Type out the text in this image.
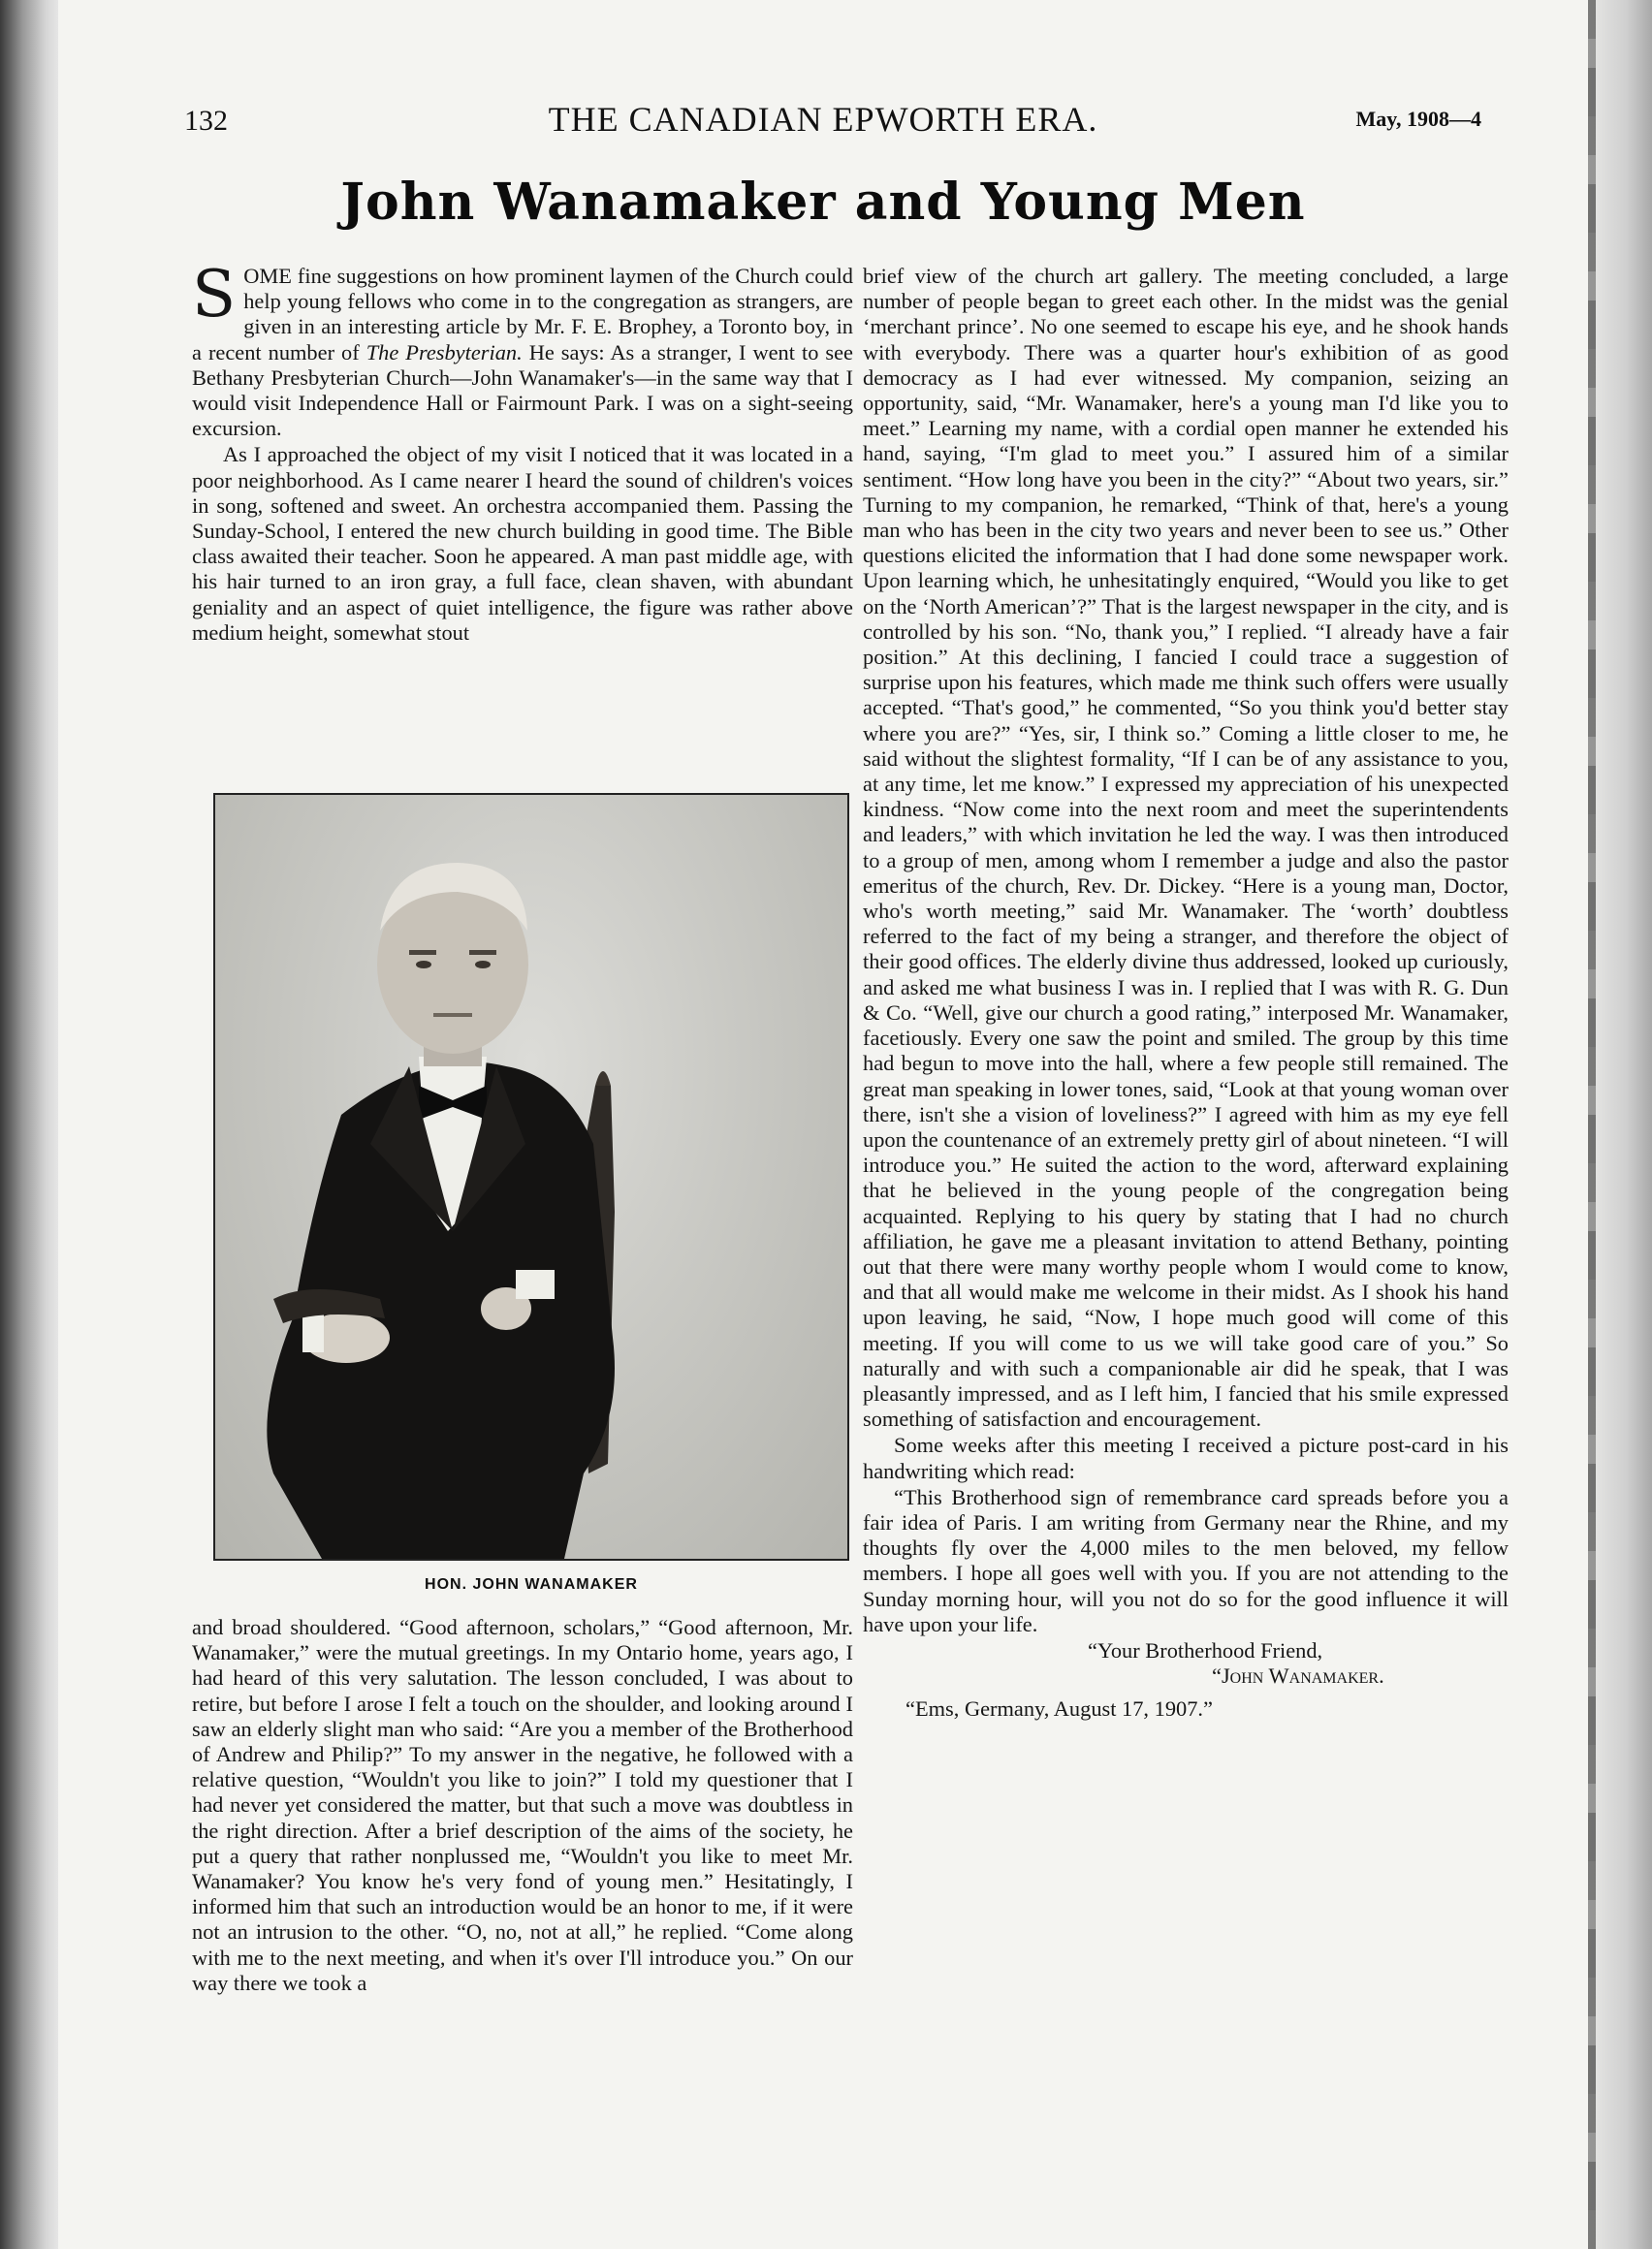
132	THE CANADIAN EPWORTH ERA.	May, 1908—4
John Wanamaker and Young Men

SOME fine suggestions on how prominent laymen of the Church could help young fellows who come in to the congregation as strangers, are given in an interesting article by Mr. F. E. Brophey, a Toronto boy, in a recent number of The Presbyterian. He says: As a stranger, I went to see Bethany Presbyterian Church—John Wanamaker's—in the same way that I would visit Independence Hall or Fairmount Park. I was on a sight-seeing excursion.

As I approached the object of my visit I noticed that it was located in a poor neighborhood. As I came nearer I heard the sound of children's voices in song, softened and sweet. An orchestra accompanied them. Passing the Sunday-School, I entered the new church building in good time. The Bible class awaited their teacher. Soon he appeared. A man past middle age, with his hair turned to an iron gray, a full face, clean shaven, with abundant geniality and an aspect of quiet intelligence, the figure was rather above medium height, somewhat stout

HON. JOHN WANAMAKER

and broad shouldered. “Good afternoon, scholars,” “Good afternoon, Mr. Wanamaker,” were the mutual greetings. In my Ontario home, years ago, I had heard of this very salutation. The lesson concluded, I was about to retire, but before I arose I felt a touch on the shoulder, and looking around I saw an elderly slight man who said: “Are you a member of the Brotherhood of Andrew and Philip?” To my answer in the negative, he followed with a relative question, “Wouldn't you like to join?” I told my questioner that I had never yet considered the matter, but that such a move was doubtless in the right direction. After a brief description of the aims of the society, he put a query that rather nonplussed me, “Wouldn't you like to meet Mr. Wanamaker? You know he's very fond of young men.” Hesitatingly, I informed him that such an introduction would be an honor to me, if it were not an intrusion to the other. “O, no, not at all,” he replied. “Come along with me to the next meeting, and when it's over I'll introduce you.” On our way there we took a

brief view of the church art gallery. The meeting concluded, a large number of people began to greet each other. In the midst was the genial ‘merchant prince’. No one seemed to escape his eye, and he shook hands with everybody. There was a quarter hour's exhibition of as good democracy as I had ever witnessed. My companion, seizing an opportunity, said, “Mr. Wanamaker, here's a young man I'd like you to meet.” Learning my name, with a cordial open manner he extended his hand, saying, “I'm glad to meet you.” I assured him of a similar sentiment. “How long have you been in the city?” “About two years, sir.” Turning to my companion, he remarked, “Think of that, here's a young man who has been in the city two years and never been to see us.” Other questions elicited the information that I had done some newspaper work. Upon learning which, he unhesitatingly enquired, “Would you like to get on the ‘North American’?” That is the largest newspaper in the city, and is controlled by his son. “No, thank you,” I replied. “I already have a fair position.” At this declining, I fancied I could trace a suggestion of surprise upon his features, which made me think such offers were usually accepted. “That's good,” he commented, “So you think you'd better stay where you are?” “Yes, sir, I think so.” Coming a little closer to me, he said without the slightest formality, “If I can be of any assistance to you, at any time, let me know.” I expressed my appreciation of his unexpected kindness. “Now come into the next room and meet the superintendents and leaders,” with which invitation he led the way. I was then introduced to a group of men, among whom I remember a judge and also the pastor emeritus of the church, Rev. Dr. Dickey. “Here is a young man, Doctor, who's worth meeting,” said Mr. Wanamaker. The ‘worth’ doubtless referred to the fact of my being a stranger, and therefore the object of their good offices. The elderly divine thus addressed, looked up curiously, and asked me what business I was in. I replied that I was with R. G. Dun & Co. “Well, give our church a good rating,” interposed Mr. Wanamaker, facetiously. Every one saw the point and smiled. The group by this time had begun to move into the hall, where a few people still remained. The great man speaking in lower tones, said, “Look at that young woman over there, isn't she a vision of loveliness?” I agreed with him as my eye fell upon the countenance of an extremely pretty girl of about nineteen. “I will introduce you.” He suited the action to the word, afterward explaining that he believed in the young people of the congregation being acquainted. Replying to his query by stating that I had no church affiliation, he gave me a pleasant invitation to attend Bethany, pointing out that there were many worthy people whom I would come to know, and that all would make me welcome in their midst. As I shook his hand upon leaving, he said, “Now, I hope much good will come of this meeting. If you will come to us we will take good care of you.” So naturally and with such a companionable air did he speak, that I was pleasantly impressed, and as I left him, I fancied that his smile expressed something of satisfaction and encouragement.

Some weeks after this meeting I received a picture post-card in his handwriting which read:

“This Brotherhood sign of remembrance card spreads before you a fair idea of Paris. I am writing from Germany near the Rhine, and my thoughts fly over the 4,000 miles to the men beloved, my fellow members. I hope all goes well with you. If you are not attending to the Sunday morning hour, will you not do so for the good influence it will have upon your life.

“Your Brotherhood Friend,
“John Wanamaker.
“Ems, Germany, August 17, 1907.”
